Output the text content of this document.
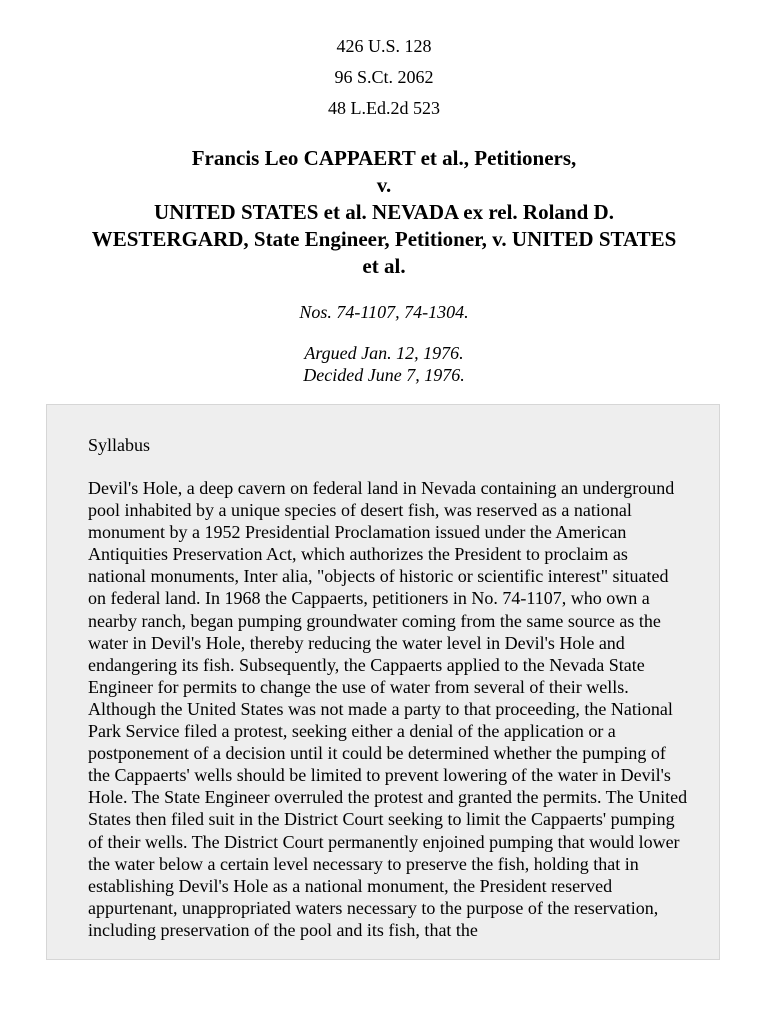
426 U.S. 128
96 S.Ct. 2062
48 L.Ed.2d 523
Francis Leo CAPPAERT et al., Petitioners,
v.
UNITED STATES et al. NEVADA ex rel. Roland D. WESTERGARD, State Engineer, Petitioner, v. UNITED STATES et al.
Nos. 74-1107, 74-1304.
Argued Jan. 12, 1976.
Decided June 7, 1976.
Syllabus

Devil's Hole, a deep cavern on federal land in Nevada containing an underground pool inhabited by a unique species of desert fish, was reserved as a national monument by a 1952 Presidential Proclamation issued under the American Antiquities Preservation Act, which authorizes the President to proclaim as national monuments, Inter alia, "objects of historic or scientific interest" situated on federal land. In 1968 the Cappaerts, petitioners in No. 74-1107, who own a nearby ranch, began pumping groundwater coming from the same source as the water in Devil's Hole, thereby reducing the water level in Devil's Hole and endangering its fish. Subsequently, the Cappaerts applied to the Nevada State Engineer for permits to change the use of water from several of their wells. Although the United States was not made a party to that proceeding, the National Park Service filed a protest, seeking either a denial of the application or a postponement of a decision until it could be determined whether the pumping of the Cappaerts' wells should be limited to prevent lowering of the water in Devil's Hole. The State Engineer overruled the protest and granted the permits. The United States then filed suit in the District Court seeking to limit the Cappaerts' pumping of their wells. The District Court permanently enjoined pumping that would lower the water below a certain level necessary to preserve the fish, holding that in establishing Devil's Hole as a national monument, the President reserved appurtenant, unappropriated waters necessary to the purpose of the reservation, including preservation of the pool and its fish, that the
